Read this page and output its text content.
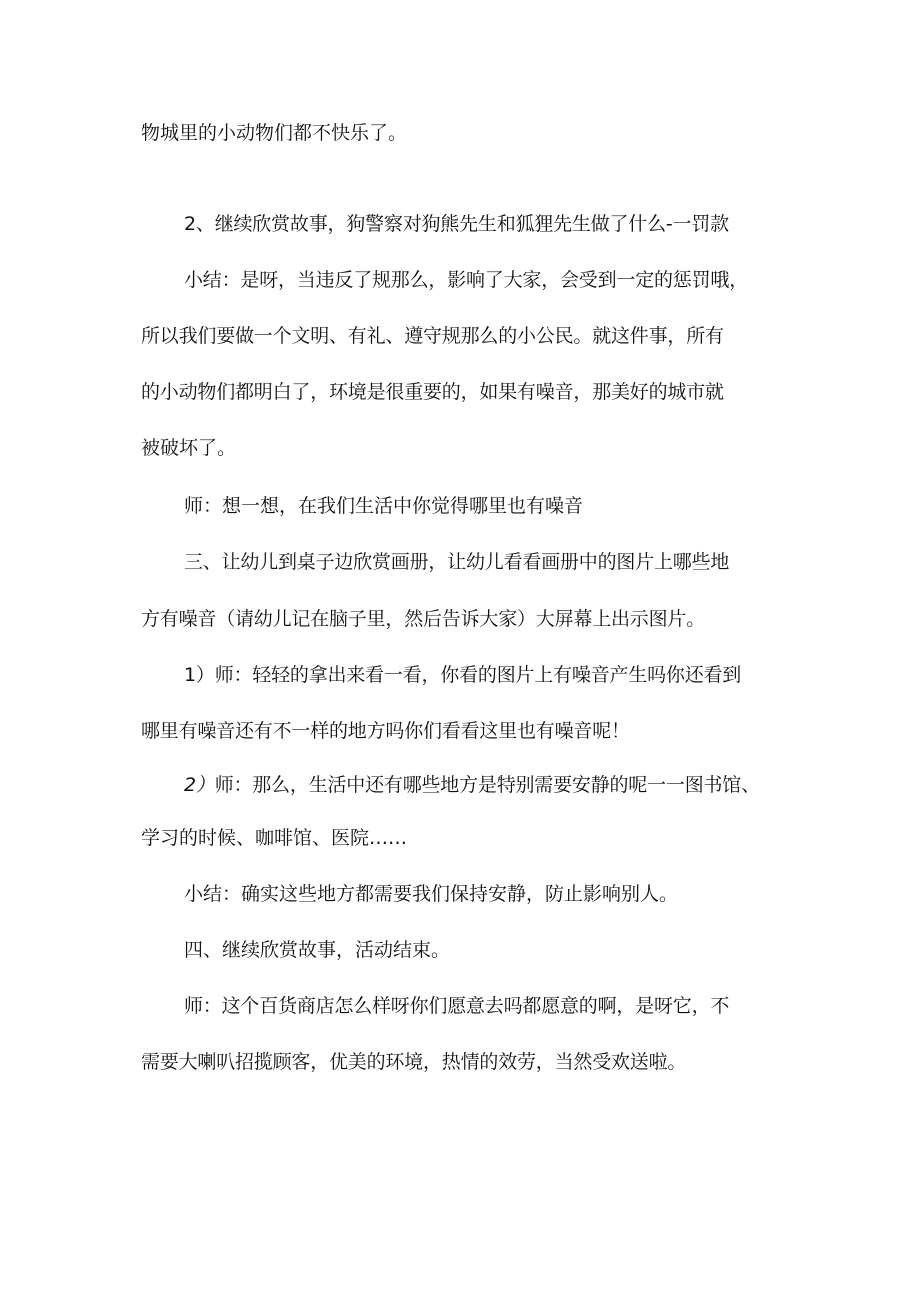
物城里的小动物们都不快乐了。

2、继续欣赏故事，狗警察对狗熊先生和狐狸先生做了什么-一罚款

小结：是呀，当违反了规那么，影响了大家，会受到一定的惩罚哦，

所以我们要做一个文明、有礼、遵守规那么的小公民。就这件事，所有

的小动物们都明白了，环境是很重要的，如果有噪音，那美好的城市就

被破坏了。

师：想一想，在我们生活中你觉得哪里也有噪音

三、让幼儿到桌子边欣赏画册，让幼儿看看画册中的图片上哪些地

方有噪音（请幼儿记在脑子里，然后告诉大家）大屏幕上出示图片。

1）师：轻轻的拿出来看一看，你看的图片上有噪音产生吗你还看到

哪里有噪音还有不一样的地方吗你们看看这里也有噪音呢！

2）师：那么，生活中还有哪些地方是特别需要安静的呢一一图书馆、

学习的时候、咖啡馆、医院……

小结：确实这些地方都需要我们保持安静，防止影响别人。

四、继续欣赏故事，活动结束。

师：这个百货商店怎么样呀你们愿意去吗都愿意的啊，是呀它，不

需要大喇叭招揽顾客，优美的环境，热情的效劳，当然受欢送啦。
